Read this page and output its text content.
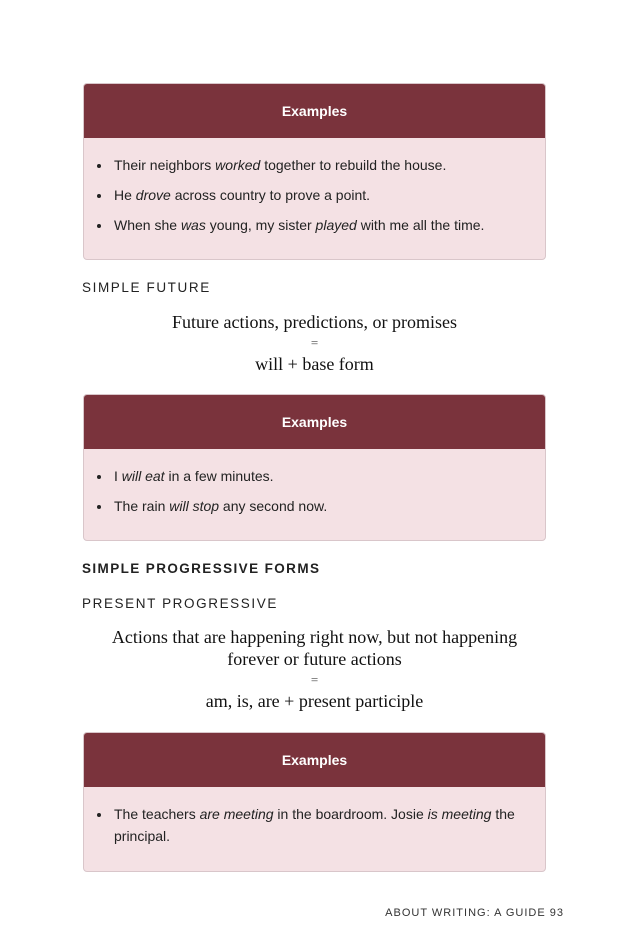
Examples
• Their neighbors worked together to rebuild the house.
• He drove across country to prove a point.
• When she was young, my sister played with me all the time.
SIMPLE FUTURE
Future actions, predictions, or promises
=
will + base form
Examples
• I will eat in a few minutes.
• The rain will stop any second now.
SIMPLE PROGRESSIVE FORMS
PRESENT PROGRESSIVE
Actions that are happening right now, but not happening
forever or future actions
=
am, is, are + present participle
Examples
• The teachers are meeting in the boardroom. Josie is meeting the principal.
ABOUT WRITING: A GUIDE 93
